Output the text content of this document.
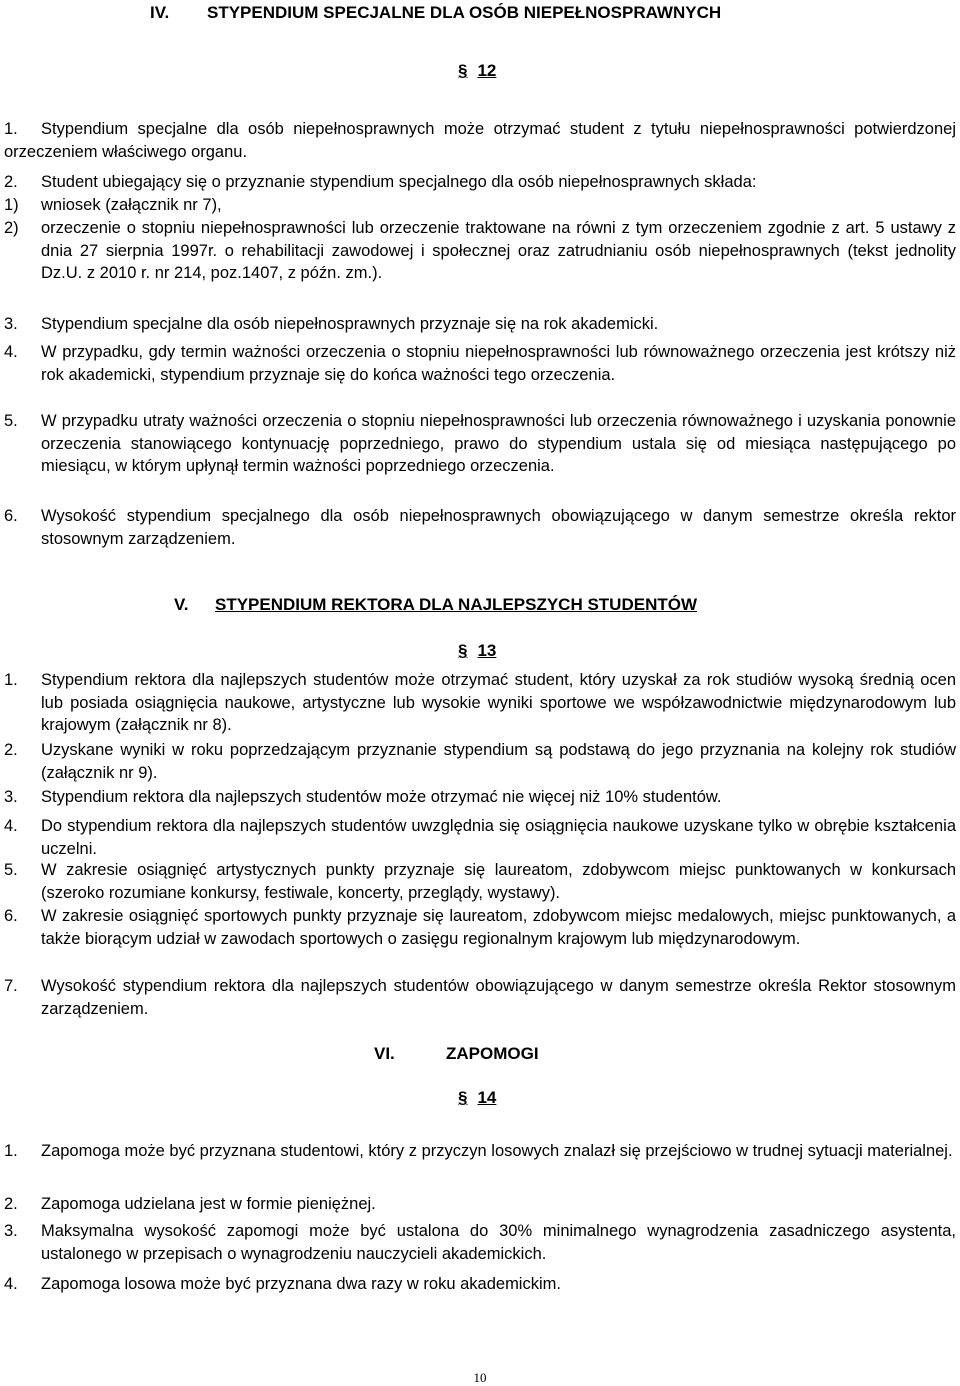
IV. STYPENDIUM SPECJALNE DLA OSÓB NIEPEŁNOSPRAWNYCH
§ 12
1.	Stypendium specjalne dla osób niepełnosprawnych może otrzymać student z tytułu niepełnosprawności potwierdzonej orzeczeniem właściwego organu.
2. Student ubiegający się o przyznanie stypendium specjalnego dla osób niepełnosprawnych składa:
1) wniosek (załącznik nr 7),
2) orzeczenie o stopniu niepełnosprawności lub orzeczenie traktowane na równi z tym orzeczeniem zgodnie z art. 5 ustawy z dnia 27 sierpnia 1997r. o rehabilitacji zawodowej i społecznej oraz zatrudnianiu osób niepełnosprawnych (tekst jednolity Dz.U. z 2010 r. nr 214, poz.1407, z późn. zm.).
3. Stypendium specjalne dla osób niepełnosprawnych przyznaje się na rok akademicki.
4. W przypadku, gdy termin ważności orzeczenia o stopniu niepełnosprawności lub równoważnego orzeczenia jest krótszy niż rok akademicki, stypendium przyznaje się do końca ważności tego orzeczenia.
5. W przypadku utraty ważności orzeczenia o stopniu niepełnosprawności lub orzeczenia równoważnego i uzyskania ponownie orzeczenia stanowiącego kontynuację poprzedniego, prawo do stypendium ustala się od miesiąca następującego po miesiącu, w którym upłynął termin ważności poprzedniego orzeczenia.
6. Wysokość stypendium specjalnego dla osób niepełnosprawnych obowiązującego w danym semestrze określa rektor stosownym zarządzeniem.
V. STYPENDIUM REKTORA DLA NAJLEPSZYCH STUDENTÓW
§ 13
1. Stypendium rektora dla najlepszych studentów może otrzymać student, który uzyskał za rok studiów wysoką średnią ocen lub posiada osiągnięcia naukowe, artystyczne lub wysokie wyniki sportowe we współzawodnictwie międzynarodowym lub krajowym (załącznik nr 8).
2. Uzyskane wyniki w roku poprzedzającym przyznanie stypendium są podstawą do jego przyznania na kolejny rok studiów (załącznik nr 9).
3. Stypendium rektora dla najlepszych studentów może otrzymać nie więcej niż 10% studentów.
4. Do stypendium rektora dla najlepszych studentów uwzględnia się osiągnięcia naukowe uzyskane tylko w obrębie kształcenia uczelni.
5. W zakresie osiągnięć artystycznych punkty przyznaje się laureatom, zdobywcom miejsc punktowanych w konkursach (szeroko rozumiane konkursy, festiwale, koncerty, przeglądy, wystawy).
6. W zakresie osiągnięć sportowych punkty przyznaje się laureatom, zdobywcom miejsc medalowych, miejsc punktowanych, a także biorącym udział w zawodach sportowych o zasięgu regionalnym krajowym lub międzynarodowym.
7. Wysokość stypendium rektora dla najlepszych studentów obowiązującego w danym semestrze określa Rektor stosownym zarządzeniem.
VI.	ZAPOMOGI
§ 14
1. Zapomoga może być przyznana studentowi, który z przyczyn losowych znalazł się przejściowo w trudnej sytuacji materialnej.
2. Zapomoga udzielana jest w formie pieniężnej.
3. Maksymalna wysokość zapomogi może być ustalona do 30% minimalnego wynagrodzenia zasadniczego asystenta, ustalonego w przepisach o wynagrodzeniu nauczycieli akademickich.
4. Zapomoga losowa może być przyznana dwa razy w roku akademickim.
10
